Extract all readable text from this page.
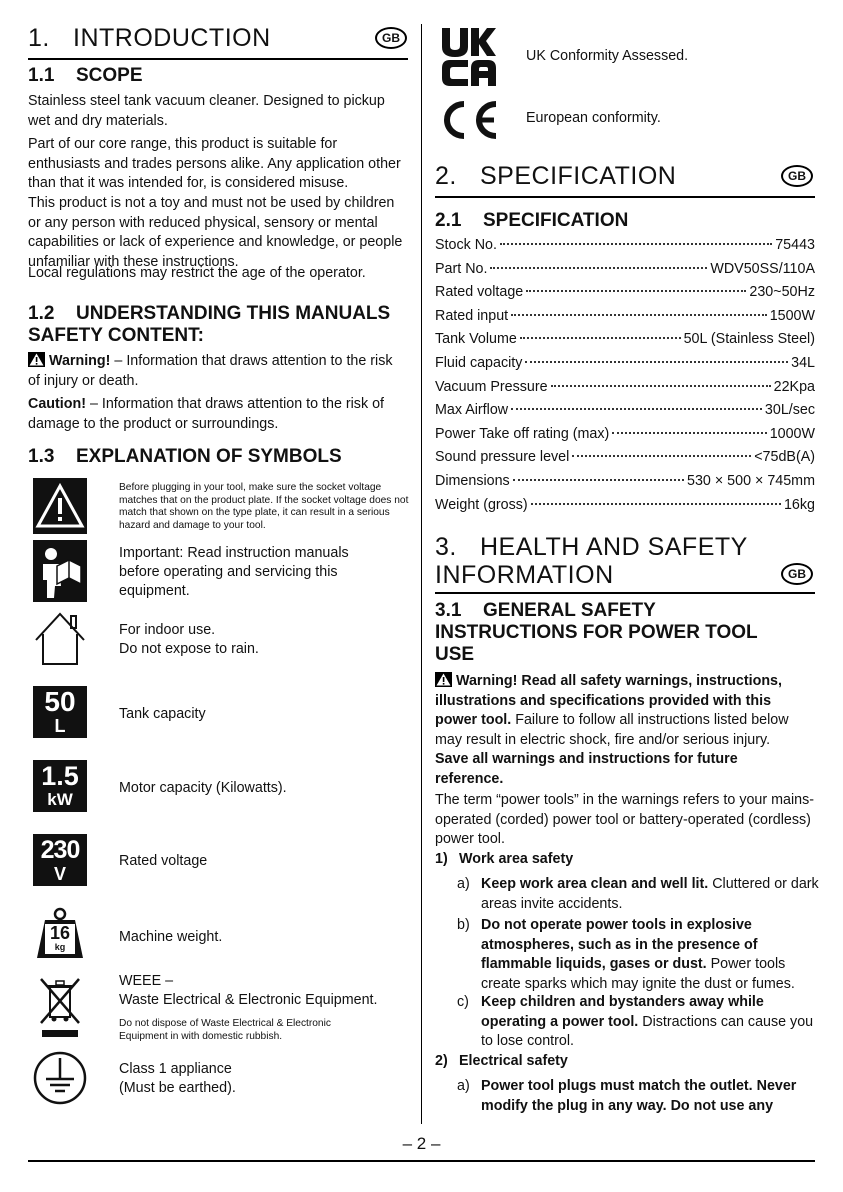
1. INTRODUCTION	GB
1.1 SCOPE
Stainless steel tank vacuum cleaner. Designed to pickup wet and dry materials.
Part of our core range, this product is suitable for enthusiasts and trades persons alike. Any application other than that it was intended for, is considered misuse.
This product is not a toy and must not be used by children or any person with reduced physical, sensory or mental capabilities or lack of experience and knowledge, or people unfamiliar with these instructions.
Local regulations may restrict the age of the operator.
1.2 UNDERSTANDING THIS MANUALS
SAFETY CONTENT:
Warning! – Information that draws attention to the risk of injury or death.
Caution! – Information that draws attention to the risk of damage to the product or surroundings.
1.3 EXPLANATION OF SYMBOLS
Before plugging in your tool, make sure the socket voltage matches that on the product plate. If the socket voltage does not match that shown on the type plate, it can result in a serious hazard and damage to your tool.
Important: Read instruction manuals before operating and servicing this equipment.
For indoor use.
Do not expose to rain.
50
L
Tank capacity
1.5
kW
Motor capacity (Kilowatts).
230
V
Rated voltage
16
kg
Machine weight.
WEEE –
Waste Electrical & Electronic Equipment.
Do not dispose of Waste Electrical & Electronic Equipment in with domestic rubbish.
Class 1 appliance
(Must be earthed).
UK Conformity Assessed.
European conformity.
2. SPECIFICATION	GB
2.1 SPECIFICATION
Stock No.	75443
Part No.	WDV50SS/110A
Rated voltage	230~50Hz
Rated input	1500W
Tank Volume	50L (Stainless Steel)
Fluid capacity	34L
Vacuum Pressure	22Kpa
Max Airflow	30L/sec
Power Take off rating (max)	1000W
Sound pressure level	<75dB(A)
Dimensions	530 × 500 × 745mm
Weight (gross)	16kg
3. HEALTH AND SAFETY
INFORMATION	GB
3.1 GENERAL SAFETY
INSTRUCTIONS FOR POWER TOOL
USE
Warning! Read all safety warnings, instructions, illustrations and specifications provided with this power tool. Failure to follow all instructions listed below may result in electric shock, fire and/or serious injury.
Save all warnings and instructions for future reference.
The term “power tools” in the warnings refers to your mains-operated (corded) power tool or battery-operated (cordless) power tool.
1) Work area safety
a) Keep work area clean and well lit. Cluttered or dark areas invite accidents.
b) Do not operate power tools in explosive atmospheres, such as in the presence of flammable liquids, gases or dust. Power tools create sparks which may ignite the dust or fumes.
c) Keep children and bystanders away while operating a power tool. Distractions can cause you to lose control.
2) Electrical safety
a) Power tool plugs must match the outlet. Never modify the plug in any way. Do not use any
– 2 –
